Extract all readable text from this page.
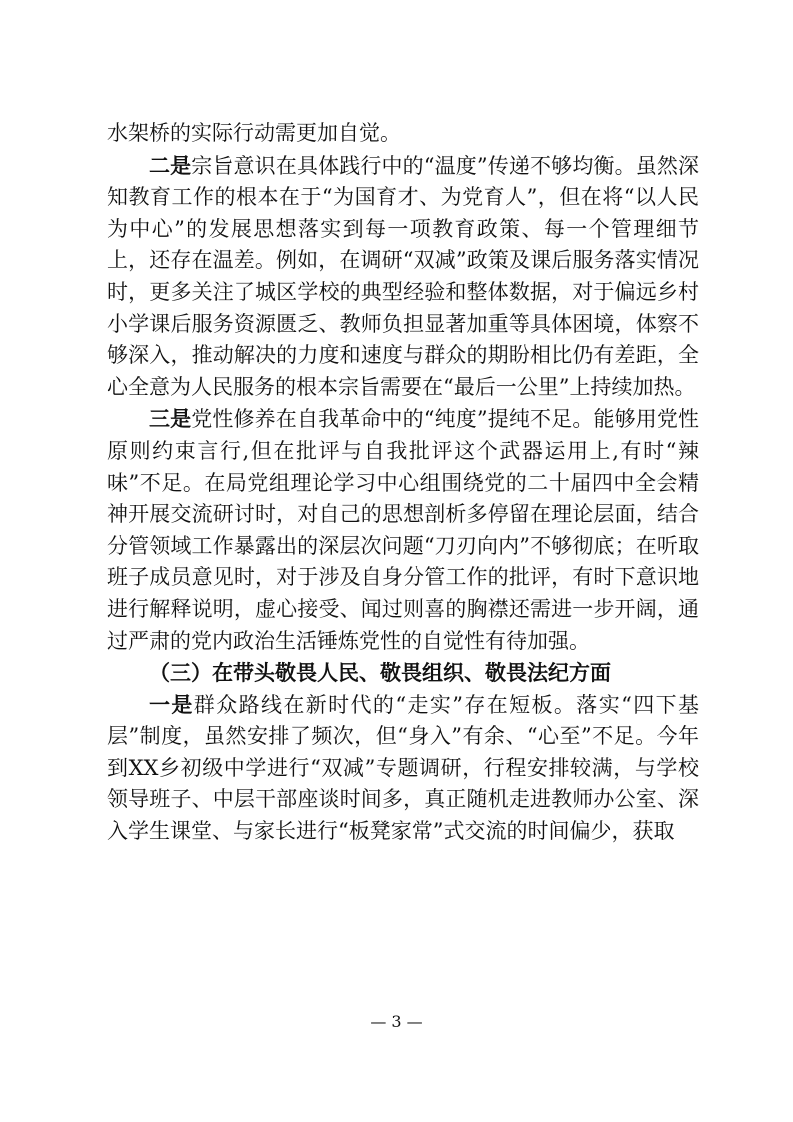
水架桥的实际行动需更加自觉。

二是宗旨意识在具体践行中的“温度”传递不够均衡。虽然深知教育工作的根本在于“为国育才、为党育人”，但在将“以人民为中心”的发展思想落实到每一项教育政策、每一个管理细节上，还存在温差。例如，在调研“双减”政策及课后服务落实情况时，更多关注了城区学校的典型经验和整体数据，对于偏远乡村小学课后服务资源匮乏、教师负担显著加重等具体困境，体察不够深入，推动解决的力度和速度与群众的期盼相比仍有差距，全心全意为人民服务的根本宗旨需要在“最后一公里”上持续加热。

三是党性修养在自我革命中的“纯度”提纯不足。能够用党性原则约束言行,但在批评与自我批评这个武器运用上,有时“辣味”不足。在局党组理论学习中心组围绕党的二十届四中全会精神开展交流研讨时，对自己的思想剖析多停留在理论层面，结合分管领域工作暴露出的深层次问题“刀刃向内”不够彻底；在听取班子成员意见时，对于涉及自身分管工作的批评，有时下意识地进行解释说明，虚心接受、闻过则喜的胸襟还需进一步开阔，通过严肃的党内政治生活锤炼党性的自觉性有待加强。

（三）在带头敬畏人民、敬畏组织、敬畏法纪方面

一是群众路线在新时代的“走实”存在短板。落实“四下基层”制度，虽然安排了频次，但“身入”有余、“心至”不足。今年到XX乡初级中学进行“双减”专题调研，行程安排较满，与学校领导班子、中层干部座谈时间多，真正随机走进教师办公室、深入学生课堂、与家长进行“板凳家常”式交流的时间偏少，获取

— 3 —
